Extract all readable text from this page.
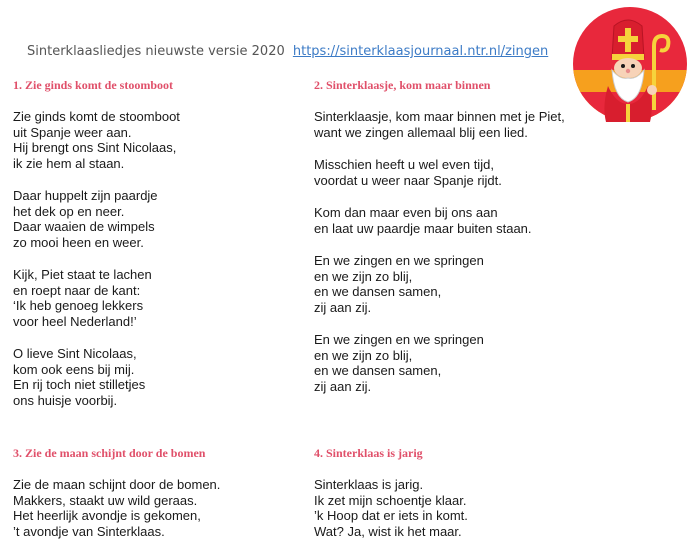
Sinterklaasliedjes nieuwste versie 2020 https://sinterklaasjournaal.ntr.nl/zingen
1. Zie ginds komt de stoomboot
Zie ginds komt de stoomboot
uit Spanje weer aan.
Hij brengt ons Sint Nicolaas,
ik zie hem al staan.
Daar huppelt zijn paardje
het dek op en neer.
Daar waaien de wimpels
zo mooi heen en weer.
Kijk, Piet staat te lachen
en roept naar de kant:
‘Ik heb genoeg lekkers
voor heel Nederland!’
O lieve Sint Nicolaas,
kom ook eens bij mij.
En rij toch niet stilletjes
ons huisje voorbij.
2. Sinterklaasje, kom maar binnen
Sinterklaasje, kom maar binnen met je Piet,
want we zingen allemaal blij een lied.
Misschien heeft u wel even tijd,
voordat u weer naar Spanje rijdt.
Kom dan maar even bij ons aan
en laat uw paardje maar buiten staan.
En we zingen en we springen
en we zijn zo blij,
en we dansen samen,
zij aan zij.
En we zingen en we springen
en we zijn zo blij,
en we dansen samen,
zij aan zij.
3. Zie de maan schijnt door de bomen
Zie de maan schijnt door de bomen.
Makkers, staakt uw wild geraas.
Het heerlijk avondje is gekomen,
’t avondje van Sinterklaas.
4. Sinterklaas is jarig
Sinterklaas is jarig.
Ik zet mijn schoentje klaar.
’k Hoop dat er iets in komt.
Wat? Ja, wist ik het maar.
